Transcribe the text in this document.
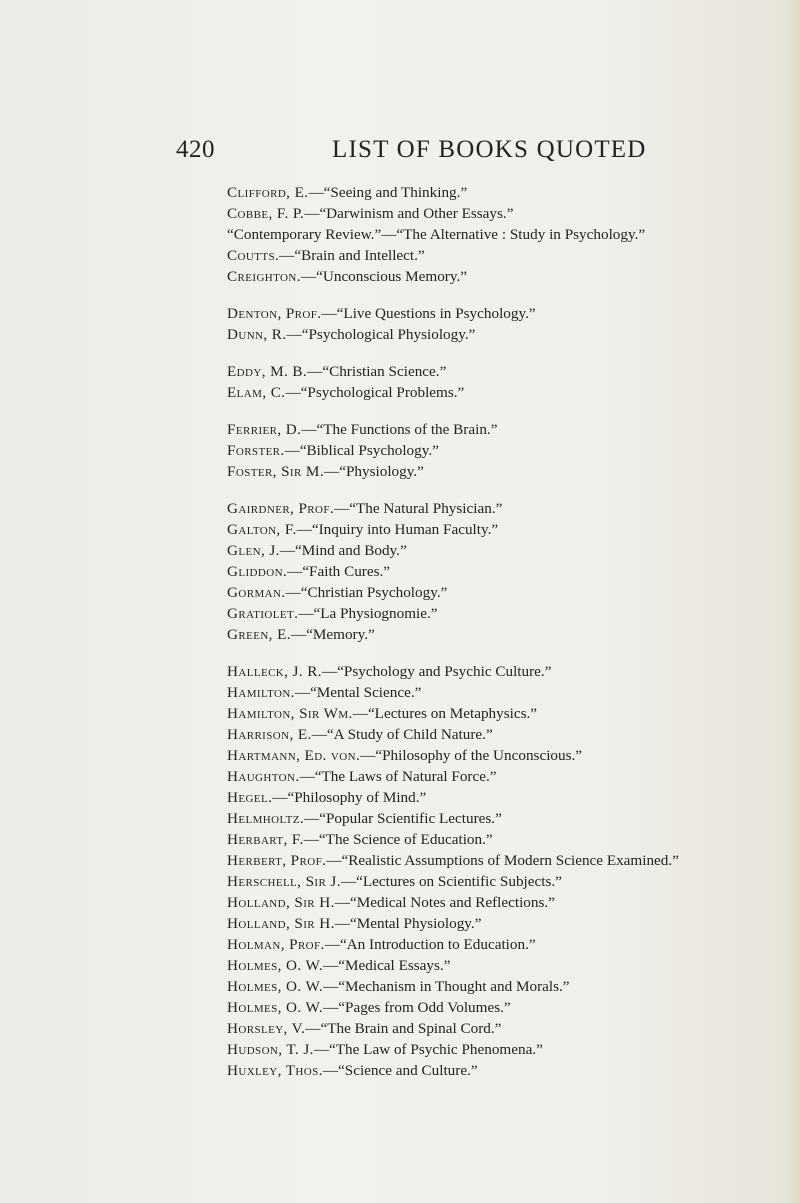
420	LIST OF BOOKS QUOTED
Clifford, E.—“Seeing and Thinking.”
Cobbe, F. P.—“Darwinism and Other Essays.”
“Contemporary Review.”—“The Alternative : Study in Psychology.”
Coutts.—“Brain and Intellect.”
Creighton.—“Unconscious Memory.”
Denton, Prof.—“Live Questions in Psychology.”
Dunn, R.—“Psychological Physiology.”
Eddy, M. B.—“Christian Science.”
Elam, C.—“Psychological Problems.”
Ferrier, D.—“The Functions of the Brain.”
Forster.—“Biblical Psychology.”
Foster, Sir M.—“Physiology.”
Gairdner, Prof.—“The Natural Physician.”
Galton, F.—“Inquiry into Human Faculty.”
Glen, J.—“Mind and Body.”
Gliddon.—“Faith Cures.”
Gorman.—“Christian Psychology.”
Gratiolet.—“La Physiognomie.”
Green, E.—“Memory.”
Halleck, J. R.—“Psychology and Psychic Culture.”
Hamilton.—“Mental Science.”
Hamilton, Sir Wm.—“Lectures on Metaphysics.”
Harrison, E.—“A Study of Child Nature.”
Hartmann, Ed. von.—“Philosophy of the Unconscious.”
Haughton.—“The Laws of Natural Force.”
Hegel.—“Philosophy of Mind.”
Helmholtz.—“Popular Scientific Lectures.”
Herbart, F.—“The Science of Education.”
Herbert, Prof.—“Realistic Assumptions of Modern Science Examined.”
Herschell, Sir J.—“Lectures on Scientific Subjects.”
Holland, Sir H.—“Medical Notes and Reflections.”
Holland, Sir H.—“Mental Physiology.”
Holman, Prof.—“An Introduction to Education.”
Holmes, O. W.—“Medical Essays.”
Holmes, O. W.—“Mechanism in Thought and Morals.”
Holmes, O. W.—“Pages from Odd Volumes.”
Horsley, V.—“The Brain and Spinal Cord.”
Hudson, T. J.—“The Law of Psychic Phenomena.”
Huxley, Thos.—“Science and Culture.”
